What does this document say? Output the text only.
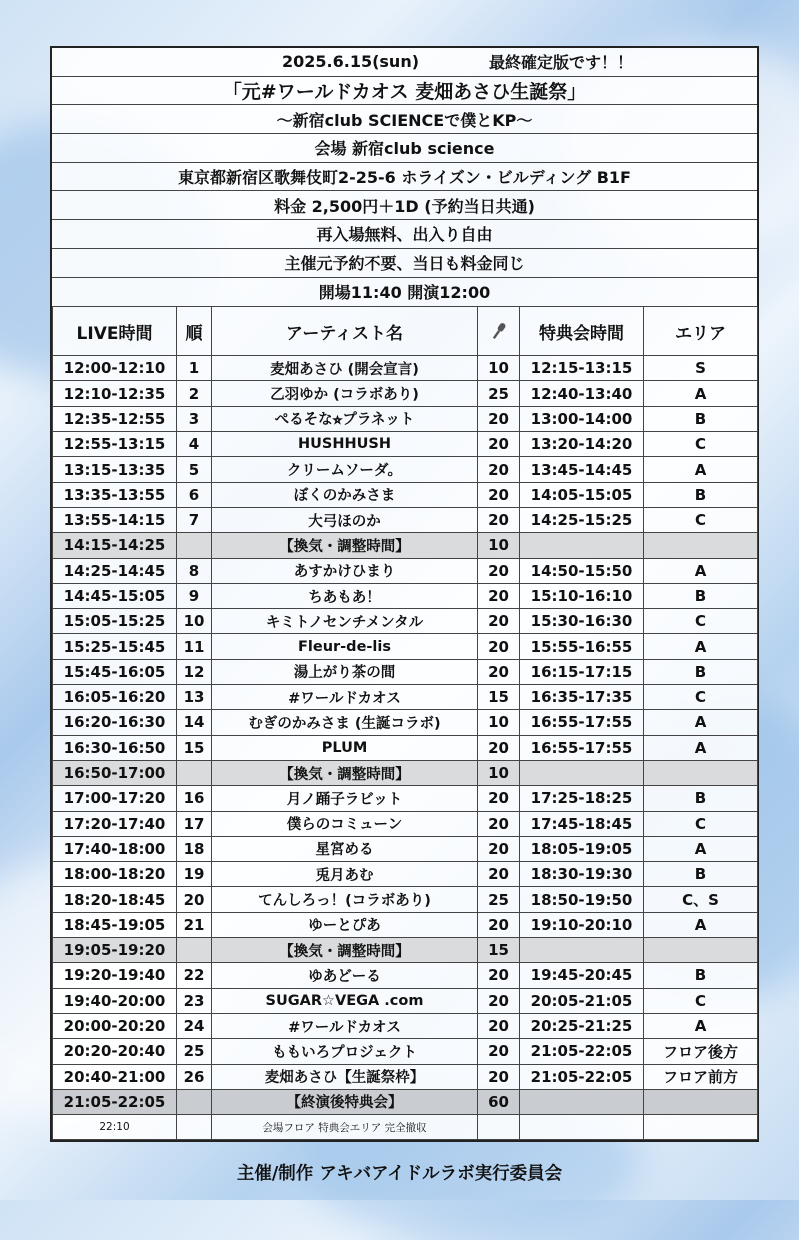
2025.6.15(sun)	最終確定版です！！
「元#ワールドカオス 麦畑あさひ生誕祭」
〜新宿club SCIENCEで僕とKP〜
会場 新宿club science
東京都新宿区歌舞伎町2-25-6 ホライズン・ビルディング B1F
料金 2,500円＋1D (予約当日共通)
再入場無料、出入り自由
主催元予約不要、当日も料金同じ
開場11:40 開演12:00
LIVE時間	順	アーティスト名		特典会時間	エリア
12:00-12:10	1	麦畑あさひ (開会宣言)	10	12:15-13:15	S
12:10-12:35	2	乙羽ゆか (コラボあり)	25	12:40-13:40	A
12:35-12:55	3	ぺるそな⭐︎プラネット	20	13:00-14:00	B
12:55-13:15	4	HUSHHUSH	20	13:20-14:20	C
13:15-13:35	5	クリームソーダ。	20	13:45-14:45	A
13:35-13:55	6	ぼくのかみさま	20	14:05-15:05	B
13:55-14:15	7	大弓ほのか	20	14:25-15:25	C
14:15-14:25		【換気・調整時間】	10		
14:25-14:45	8	あすかけひまり	20	14:50-15:50	A
14:45-15:05	9	ちあもあ！	20	15:10-16:10	B
15:05-15:25	10	キミトノセンチメンタル	20	15:30-16:30	C
15:25-15:45	11	Fleur-de-lis	20	15:55-16:55	A
15:45-16:05	12	湯上がり茶の間	20	16:15-17:15	B
16:05-16:20	13	#ワールドカオス	15	16:35-17:35	C
16:20-16:30	14	むぎのかみさま (生誕コラボ)	10	16:55-17:55	A
16:30-16:50	15	PLUM	20	16:55-17:55	A
16:50-17:00		【換気・調整時間】	10		
17:00-17:20	16	月ノ踊子ラビット	20	17:25-18:25	B
17:20-17:40	17	僕らのコミューン	20	17:45-18:45	C
17:40-18:00	18	星宮める	20	18:05-19:05	A
18:00-18:20	19	兎月あむ	20	18:30-19:30	B
18:20-18:45	20	てんしろっ！(コラボあり)	25	18:50-19:50	C、S
18:45-19:05	21	ゆーとぴあ	20	19:10-20:10	A
19:05-19:20		【換気・調整時間】	15		
19:20-19:40	22	ゆあどーる	20	19:45-20:45	B
19:40-20:00	23	SUGAR☆VEGA .com	20	20:05-21:05	C
20:00-20:20	24	#ワールドカオス	20	20:25-21:25	A
20:20-20:40	25	ももいろプロジェクト	20	21:05-22:05	フロア後方
20:40-21:00	26	麦畑あさひ【生誕祭枠】	20	21:05-22:05	フロア前方
21:05-22:05		【終演後特典会】	60		
22:10		会場フロア 特典会エリア 完全撤収			
主催/制作 アキバアイドルラボ実行委員会
